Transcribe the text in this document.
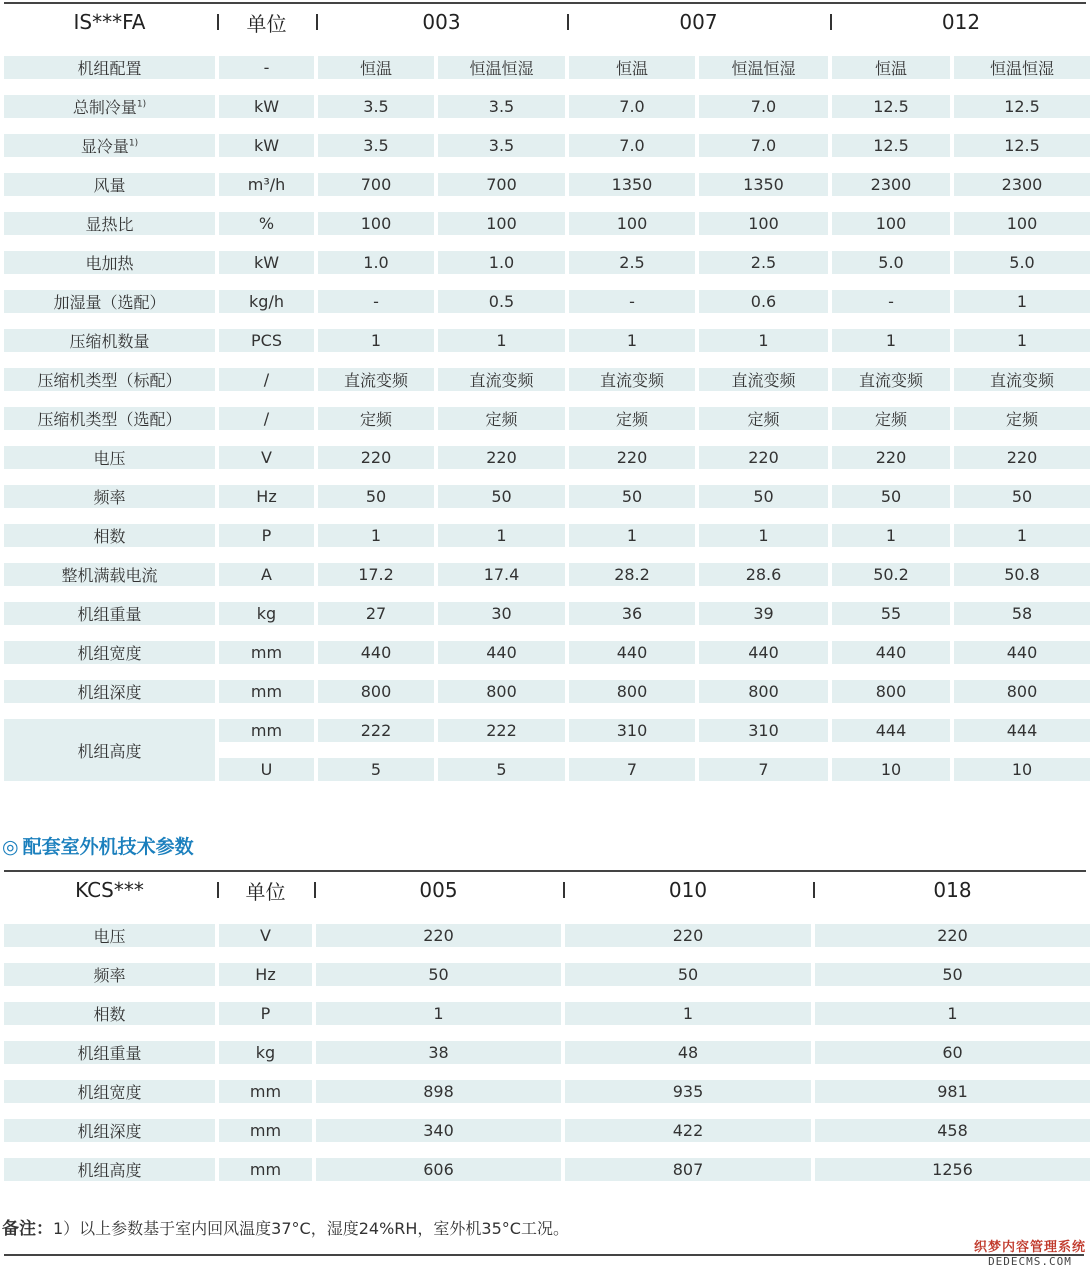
IS***FA	单位	003		007		012	

机组配置	-	恒温	恒温恒湿	恒温	恒温恒湿	恒温	恒温恒湿

总制冷量$^{1)}$	kW	3.5	3.5	7.0	7.0	12.5	12.5

显冷量$^{1)}$	kW	3.5	3.5	7.0	7.0	12.5	12.5

风量	m³/h	700	700	1350	1350	2300	2300

显热比	%	100	100	100	100	100	100

电加热	kW	1.0	1.0	2.5	2.5	5.0	5.0

加湿量（选配）	kg/h	-	0.5	-	0.6	-	1

压缩机数量	PCS	1	1	1	1	1	1

压缩机类型（标配）	/	直流变频	直流变频	直流变频	直流变频	直流变频	直流变频

压缩机类型（选配）	/	定频	定频	定频	定频	定频	定频

电压	V	220	220	220	220	220	220

频率	Hz	50	50	50	50	50	50

相数	P	1	1	1	1	1	1

整机满载电流	A	17.2	17.4	28.2	28.6	50.2	50.8

机组重量	kg	27	30	36	39	55	58

机组宽度	mm	440	440	440	440	440	440

机组深度	mm	800	800	800	800	800	800

机组高度	mm	222	222	310	310	444	444

	U	5	5	7	7	10	10
◎ 配套室外机技术参数
KCS***	单位	005	010	018

电压	V	220	220	220

频率	Hz	50	50	50

相数	P	1	1	1

机组重量	kg	38	48	60

机组宽度	mm	898	935	981

机组深度	mm	340	422	458

机组高度	mm	606	807	1256
备注：1）以上参数基于室内回风温度37°C，湿度24%RH，室外机35°C工况。
织梦内容管理系统
DEDECMS.COM
